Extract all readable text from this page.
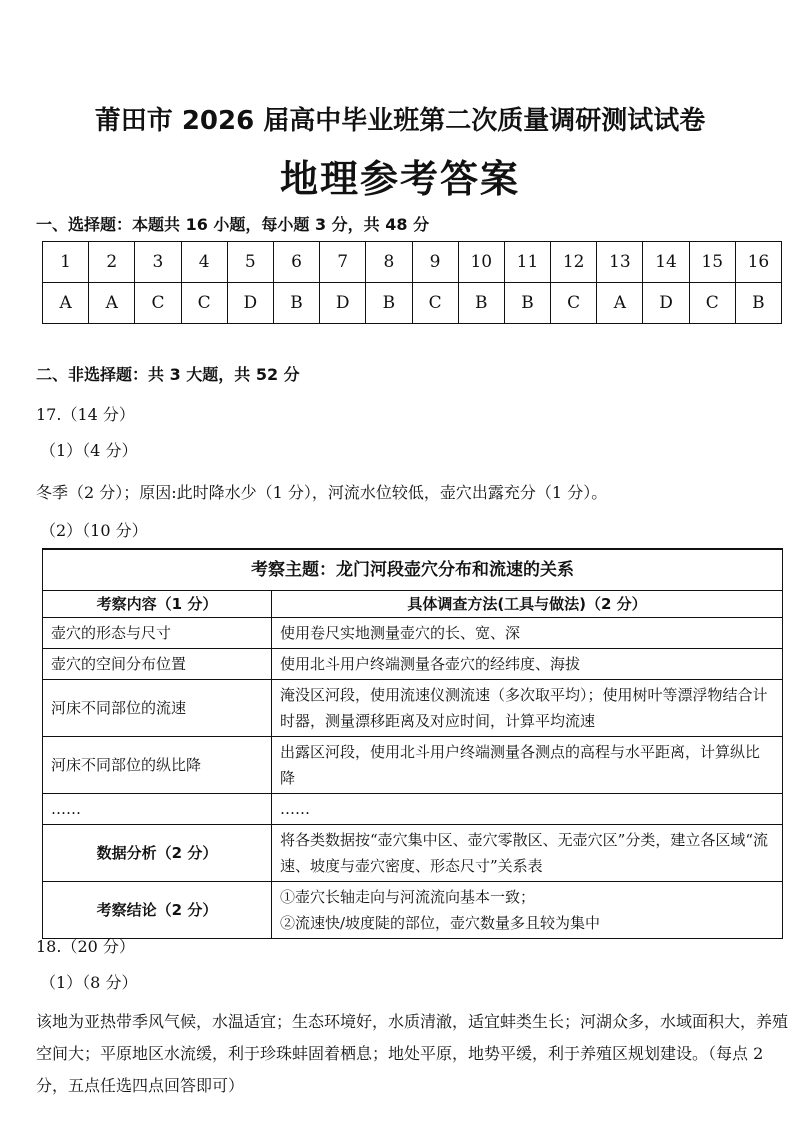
莆田市 2026 届高中毕业班第二次质量调研测试试卷
地理参考答案
一、选择题：本题共 16 小题，每小题 3 分，共 48 分
1	2	3	4	5	6	7	8	9	10	11	12	13	14	15	16
A	A	C	C	D	B	D	B	C	B	B	C	A	D	C	B
二、非选择题：共 3 大题，共 52 分
17.（14 分）
（1）（4 分）
冬季（2 分）；原因:此时降水少（1 分），河流水位较低，壶穴出露充分（1 分）。
（2）（10 分）
考察主题：龙门河段壶穴分布和流速的关系	
考察内容（1 分）	具体调查方法(工具与做法)（2 分）
壶穴的形态与尺寸	使用卷尺实地测量壶穴的长、宽、深
壶穴的空间分布位置	使用北斗用户终端测量各壶穴的经纬度、海拔
河床不同部位的流速	淹没区河段，使用流速仪测流速（多次取平均）；使用树叶等漂浮物结合计时器，测量漂移距离及对应时间，计算平均流速
河床不同部位的纵比降	出露区河段，使用北斗用户终端测量各测点的高程与水平距离，计算纵比降
……	……
数据分析（2 分）	将各类数据按“壶穴集中区、壶穴零散区、无壶穴区”分类，建立各区域“流速、坡度与壶穴密度、形态尺寸”关系表
考察结论（2 分）	①壶穴长轴走向与河流流向基本一致；
②流速快/坡度陡的部位，壶穴数量多且较为集中
18.（20 分）
（1）（8 分）
该地为亚热带季风气候，水温适宜；生态环境好，水质清澈，适宜蚌类生长；河湖众多，水域面积大，养殖空间大；平原地区水流缓，利于珍珠蚌固着栖息；地处平原，地势平缓，利于养殖区规划建设。（每点 2 分，五点任选四点回答即可）
